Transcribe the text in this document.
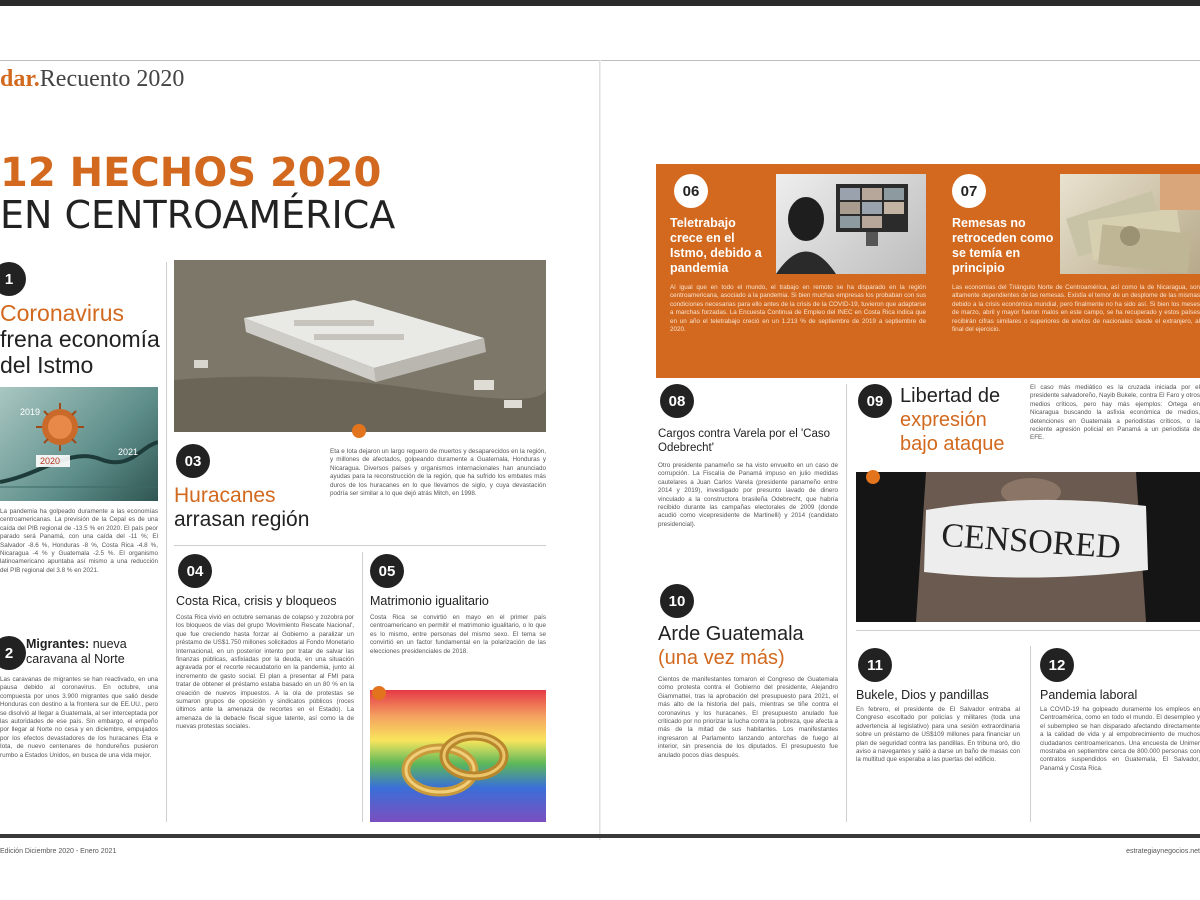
dar.Recuento 2020
12 HECHOS 2020
EN CENTROAMÉRICA
1
Coronavirus
frena economía
del Istmo
2019
2020
2021
La pandemia ha golpeado duramente a las economías centroamericanas. La previsión de la Cepal es de una caída del PIB regional de -13.5 % en 2020. El país peor parado será Panamá, con una caída del -11 %; El Salvador -8.6 %, Honduras -8 %, Costa Rica -4.8 %, Nicaragua -4 % y Guatemala -2.5 %. El organismo latinoamericano apuntaba así mismo a una reducción del PIB regional del 3.8 % en 2021.
2
Migrantes: nueva
caravana al Norte
Las caravanas de migrantes se han reactivado, en una pausa debido al coronavirus. En octubre, una compuesta por unos 3.900 migrantes que salió desde Honduras con destino a la frontera sur de EE.UU., pero se disolvió al llegar a Guatemala, al ser interceptada por las autoridades de ese país. Sin embargo, el empeño por llegar al Norte no cesa y en diciembre, empujados por los efectos devastadores de los huracanes Eta e Iota, de nuevo centenares de hondureños pusieron rumbo a Estados Unidos, en busca de una vida mejor.
03
Huracanes
arrasan región
Eta e Iota dejaron un largo reguero de muertos y desaparecidos en la región, y millones de afectados, golpeando duramente a Guatemala, Honduras y Nicaragua. Diversos países y organismos internacionales han anunciado ayudas para la reconstrucción de la región, que ha sufrido los embates más duros de los huracanes en lo que llevamos de siglo, y cuya devastación podría ser similar a lo que dejó atrás Mitch, en 1998.
04
Costa Rica, crisis y bloqueos
Costa Rica vivió en octubre semanas de colapso y zozobra por los bloqueos de vías del grupo 'Movimiento Rescate Nacional', que fue creciendo hasta forzar al Gobierno a paralizar un préstamo de US$1.750 millones solicitados al Fondo Monetario Internacional, en un posterior intento por tratar de salvar las finanzas públicas, asfixiadas por la deuda, en una situación agravada por el recorte recaudatorio en la pandemia, junto al incremento de gasto social. El plan a presentar al FMI para tratar de obtener el préstamo estaba basado en un 80 % en la creación de nuevos impuestos. A la ola de protestas se sumaron grupos de oposición y sindicatos públicos (roces últimos ante la amenaza de recortes en el Estado). La amenaza de la debacle fiscal sigue latente, así como la de nuevas protestas sociales.
05
Matrimonio igualitario
Costa Rica se convirtió en mayo en el primer país centroamericano en permitir el matrimonio igualitario, o lo que es lo mismo, entre personas del mismo sexo. El tema se convirtió en un factor fundamental en la polarización de las elecciones presidenciales de 2018.
06
Teletrabajo crece en el Istmo, debido a pandemia
Al igual que en todo el mundo, el trabajo en remoto se ha disparado en la región centroamericana, asociado a la pandemia. Si bien muchas empresas los probaban con sus condiciones necesarias para ello antes de la crisis de la COVID-19, tuvieron que adaptarse a marchas forzadas. La Encuesta Continua de Empleo del INEC en Costa Rica indica que en un año el teletrabajo creció en un 1.213 % de septiembre de 2019 a septiembre de 2020.
07
Remesas no retroceden como se temía en principio
Las economías del Triángulo Norte de Centroamérica, así como la de Nicaragua, son altamente dependientes de las remesas. Existía el temor de un desplome de las mismas debido a la crisis económica mundial, pero finalmente no ha sido así. Si bien los meses de marzo, abril y mayor fueron malos en este campo, se ha recuperado y estos países recibirán cifras similares o superiores de envíos de nacionales desde el extranjero, al final del ejercicio.
08
Cargos contra Varela por el 'Caso Odebrecht'
Otro presidente panameño se ha visto envuelto en un caso de corrupción. La Fiscalía de Panamá impuso en julio medidas cautelares a Juan Carlos Varela (presidente panameño entre 2014 y 2019), investigado por presunto lavado de dinero vinculado a la constructora brasileña Odebrecht, que habría recibido durante las campañas electorales de 2009 (donde acudió como vicepresidente de Martinelli) y 2014 (candidato presidencial).
10
Arde Guatemala
(una vez más)
Cientos de manifestantes tomaron el Congreso de Guatemala como protesta contra el Gobierno del presidente, Alejandro Giammattei, tras la aprobación del presupuesto para 2021, el más alto de la historia del país, mientras se tiñe contra el coronavirus y los huracanes. El presupuesto anulado fue criticado por no priorizar la lucha contra la pobreza, que afecta a más de la mitad de sus habitantes. Los manifestantes ingresaron al Parlamento lanzando antorchas de fuego al interior, sin presencia de los diputados. El presupuesto fue anulado pocos días después.
09 Libertad de
expresión
bajo ataque
El caso más mediático es la cruzada iniciada por el presidente salvadoreño, Nayib Bukele, contra El Faro y otros medios críticos, pero hay más ejemplos: Ortega en Nicaragua buscando la asfixia económica de medios, detenciones en Guatemala a periodistas críticos, o la reciente agresión policial en Panamá a un periodista de EFE.
CENSORED
11
Bukele, Dios y pandillas
En febrero, el presidente de El Salvador entraba al Congreso escoltado por policías y militares (toda una advertencia al legislativo) para una sesión extraordinaria sobre un préstamo de US$109 millones para financiar un plan de seguridad contra las pandillas. En tribuna oró, dio aviso a navegantes y salió a darse un baño de masas con la multitud que esperaba a las puertas del edificio.
12
Pandemia laboral
La COVID-19 ha golpeado duramente los empleos en Centroamérica, como en todo el mundo. El desempleo y el subempleo se han disparado afectando directamente a la calidad de vida y al empobrecimiento de muchos ciudadanos centroamericanos. Una encuesta de Unimer mostraba en septiembre cerca de 800.000 personas con contratos suspendidos en Guatemala, El Salvador, Panamá y Costa Rica.
Edición Diciembre 2020 - Enero 2021	estrategiaynegocios.net
